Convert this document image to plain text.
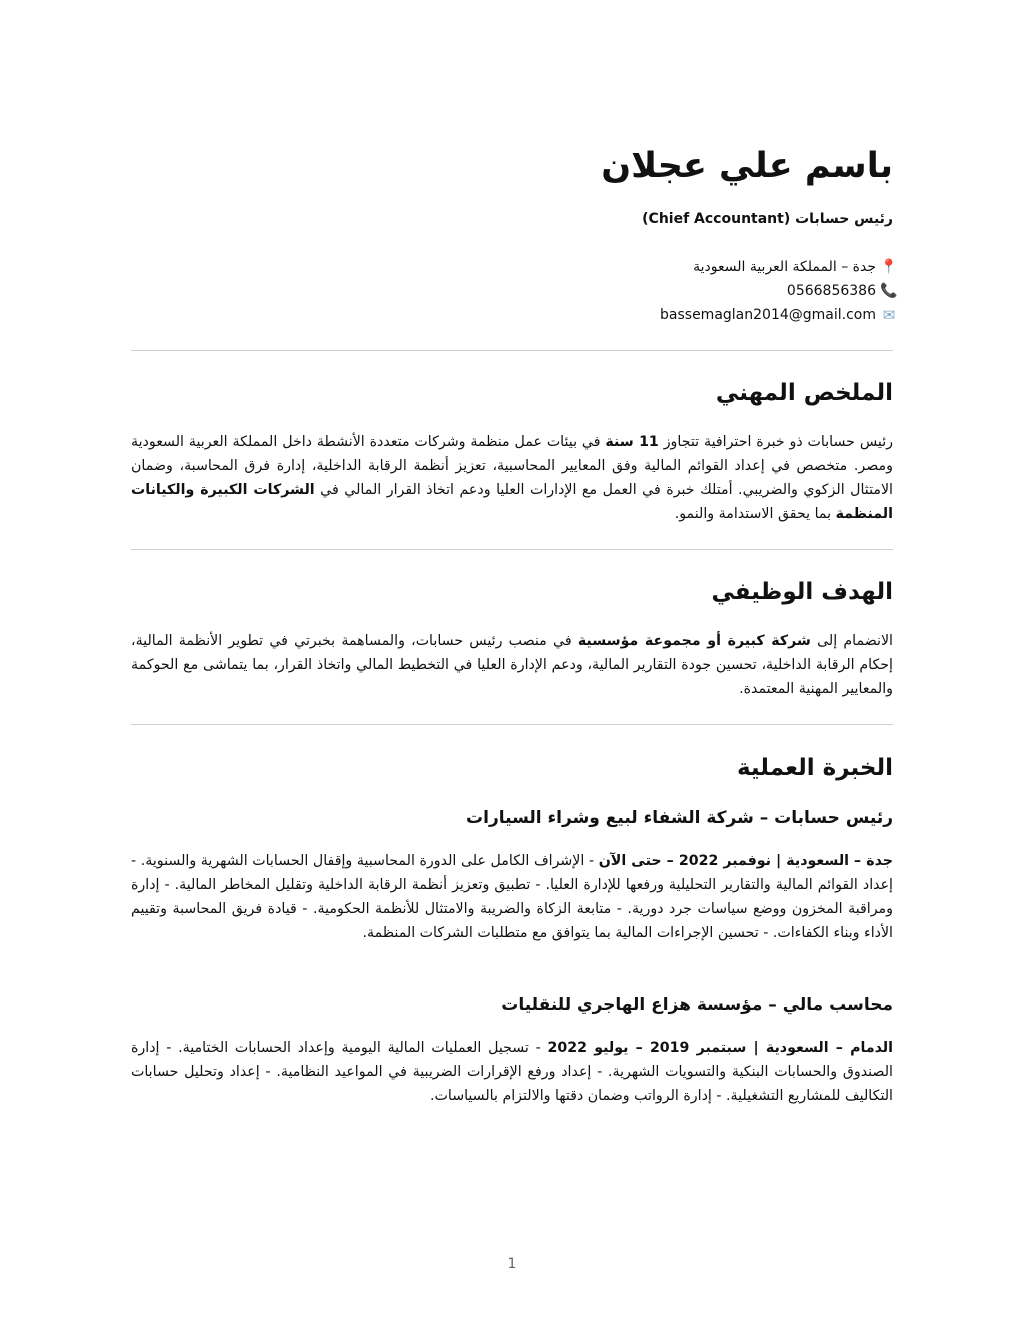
باسم علي عجلان
رئيس حسابات (Chief Accountant)
📍
جدة – المملكة العربية السعودية
📞
0566856386
✉
bassemaglan2014@gmail.com
الملخص المهني

رئيس حسابات ذو خبرة احترافية تتجاوز 11 سنة في بيئات عمل منظمة وشركات متعددة الأنشطة داخل المملكة العربية السعودية ومصر. متخصص في إعداد القوائم المالية وفق المعايير المحاسبية، تعزيز أنظمة الرقابة الداخلية، إدارة فرق المحاسبة، وضمان الامتثال الزكوي والضريبي. أمتلك خبرة في العمل مع الإدارات العليا ودعم اتخاذ القرار المالي في الشركات الكبيرة والكيانات المنظمة بما يحقق الاستدامة والنمو.

الهدف الوظيفي

الانضمام إلى شركة كبيرة أو مجموعة مؤسسية في منصب رئيس حسابات، والمساهمة بخبرتي في تطوير الأنظمة المالية، إحكام الرقابة الداخلية، تحسين جودة التقارير المالية، ودعم الإدارة العليا في التخطيط المالي واتخاذ القرار، بما يتماشى مع الحوكمة والمعايير المهنية المعتمدة.

الخبرة العملية
رئيس حسابات – شركة الشفاء لبيع وشراء السيارات

جدة – السعودية | نوفمبر 2022 – حتى الآن - الإشراف الكامل على الدورة المحاسبية وإقفال الحسابات الشهرية والسنوية. - إعداد القوائم المالية والتقارير التحليلية ورفعها للإدارة العليا. - تطبيق وتعزيز أنظمة الرقابة الداخلية وتقليل المخاطر المالية. - إدارة ومراقبة المخزون ووضع سياسات جرد دورية. - متابعة الزكاة والضريبة والامتثال للأنظمة الحكومية. - قيادة فريق المحاسبة وتقييم الأداء وبناء الكفاءات. - تحسين الإجراءات المالية بما يتوافق مع متطلبات الشركات المنظمة.

محاسب مالي – مؤسسة هزاع الهاجري للنقليات

الدمام – السعودية | سبتمبر 2019 – يوليو 2022 - تسجيل العمليات المالية اليومية وإعداد الحسابات الختامية. - إدارة الصندوق والحسابات البنكية والتسويات الشهرية. - إعداد ورفع الإقرارات الضريبية في المواعيد النظامية. - إعداد وتحليل حسابات التكاليف للمشاريع التشغيلية. - إدارة الرواتب وضمان دقتها والالتزام بالسياسات.

1
